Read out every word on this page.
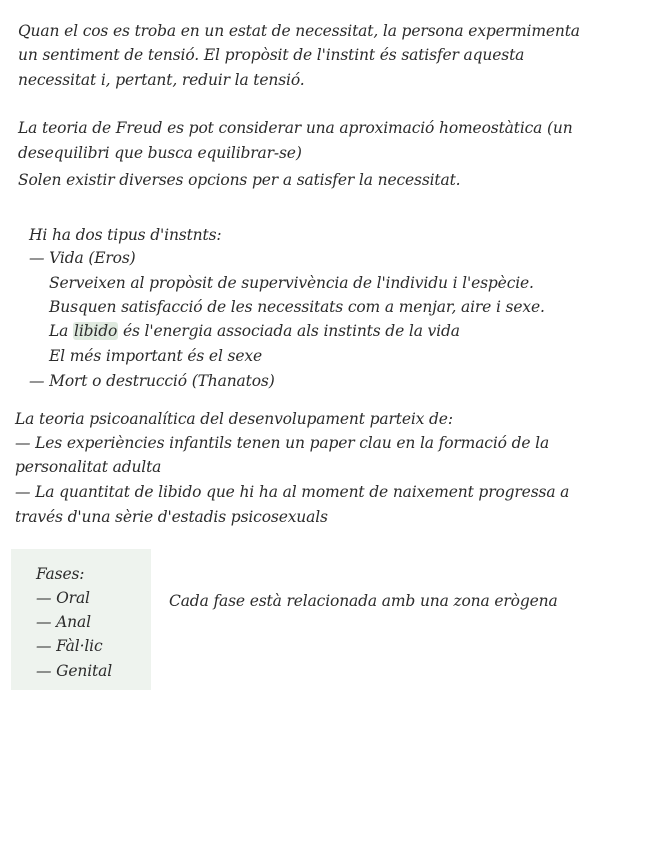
Quan el cos es troba en un estat de necessitat, la persona expermimenta
un sentiment de tensió. El propòsit de l'instint és satisfer aquesta
necessitat i, pertant, reduir la tensió.
La teoria de Freud es pot considerar una aproximació homeostàtica (un
desequilibri que busca equilibrar-se)
Solen existir diverses opcions per a satisfer la necessitat.
Hi ha dos tipus d'instnts:
— Vida (Eros)
Serveixen al propòsit de supervivència de l'individu i l'espècie.
Busquen satisfacció de les necessitats com a menjar, aire i sexe.
La libido és l'energia associada als instints de la vida
El més important és el sexe
— Mort o destrucció (Thanatos)
La teoria psicoanalítica del desenvolupament parteix de:
— Les experiències infantils tenen un paper clau en la formació de la
personalitat adulta
— La quantitat de libido que hi ha al moment de naixement progressa a
través d'una sèrie d'estadis psicosexuals
Fases:
— Oral
— Anal
— Fàl·lic
— Genital
Cada fase està relacionada amb una zona erògena
